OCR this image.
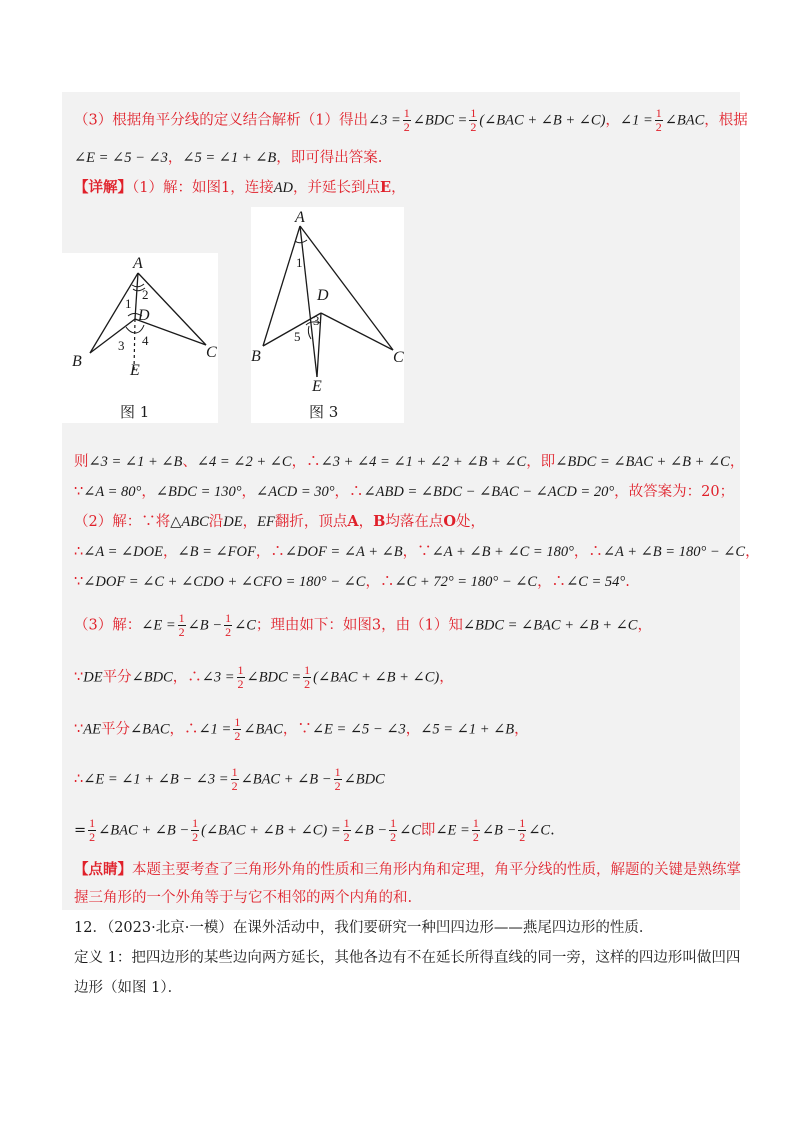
（3）根据角平分线的定义结合解析（1）得出∠3 = $\frac{1}{2}$ ∠BDC = $\frac{1}{2}$ (∠BAC + ∠B + ∠C)，∠1 = $\frac{1}{2}$ ∠BAC，根据
∠E = ∠5 − ∠3，∠5 = ∠1 + ∠B，即可得出答案.
【详解】（1）解：如图1，连接AD，并延长到点E，
A
B
C
D
E
1
2
3 4
图 1
A
B	C
D
E
1
3
5
图 3
则∠3 = ∠1 + ∠B、∠4 = ∠2 + ∠C，∴∠3 + ∠4 = ∠1 + ∠2 + ∠B + ∠C，即∠BDC = ∠BAC + ∠B + ∠C，
∵∠A = 80°，∠BDC = 130°，∠ACD = 30°，∴∠ABD = ∠BDC − ∠BAC − ∠ACD = 20°，故答案为：20；
（2）解：∵将△ABC沿DE，EF翻折，顶点A，B均落在点O处，
∴∠A = ∠DOE，∠B = ∠FOF，∴∠DOF = ∠A + ∠B，∵∠A + ∠B + ∠C = 180°，∴∠A + ∠B = 180° − ∠C，
∵∠DOF = ∠C + ∠CDO + ∠CFO = 180° − ∠C，∴∠C + 72° = 180° − ∠C，∴∠C = 54°.
（3）解：∠E = $\frac{1}{2}$ ∠B − $\frac{1}{2}$ ∠C；理由如下：如图3，由（1）知∠BDC = ∠BAC + ∠B + ∠C，
∵DE平分∠BDC，∴∠3 = $\frac{1}{2}$ ∠BDC = $\frac{1}{2}$ (∠BAC + ∠B + ∠C)，
∵AE平分∠BAC，∴∠1 = $\frac{1}{2}$ ∠BAC，∵∠E = ∠5 − ∠3，∠5 = ∠1 + ∠B，
∴∠E = ∠1 + ∠B − ∠3 = $\frac{1}{2}$ ∠BAC + ∠B − $\frac{1}{2}$ ∠BDC
= $\frac{1}{2}$ ∠BAC + ∠B − $\frac{1}{2}$ (∠BAC + ∠B + ∠C) = $\frac{1}{2}$ ∠B − $\frac{1}{2}$ ∠C即∠E = $\frac{1}{2}$ ∠B − $\frac{1}{2}$ ∠C.
【点睛】本题主要考查了三角形外角的性质和三角形内角和定理，角平分线的性质，解题的关键是熟练掌
握三角形的一个外角等于与它不相邻的两个内角的和.
12．（2023·北京·一模）在课外活动中，我们要研究一种凹四边形——燕尾四边形的性质．
定义 1：把四边形的某些边向两方延长，其他各边有不在延长所得直线的同一旁，这样的四边形叫做凹四
边形（如图 1）．
